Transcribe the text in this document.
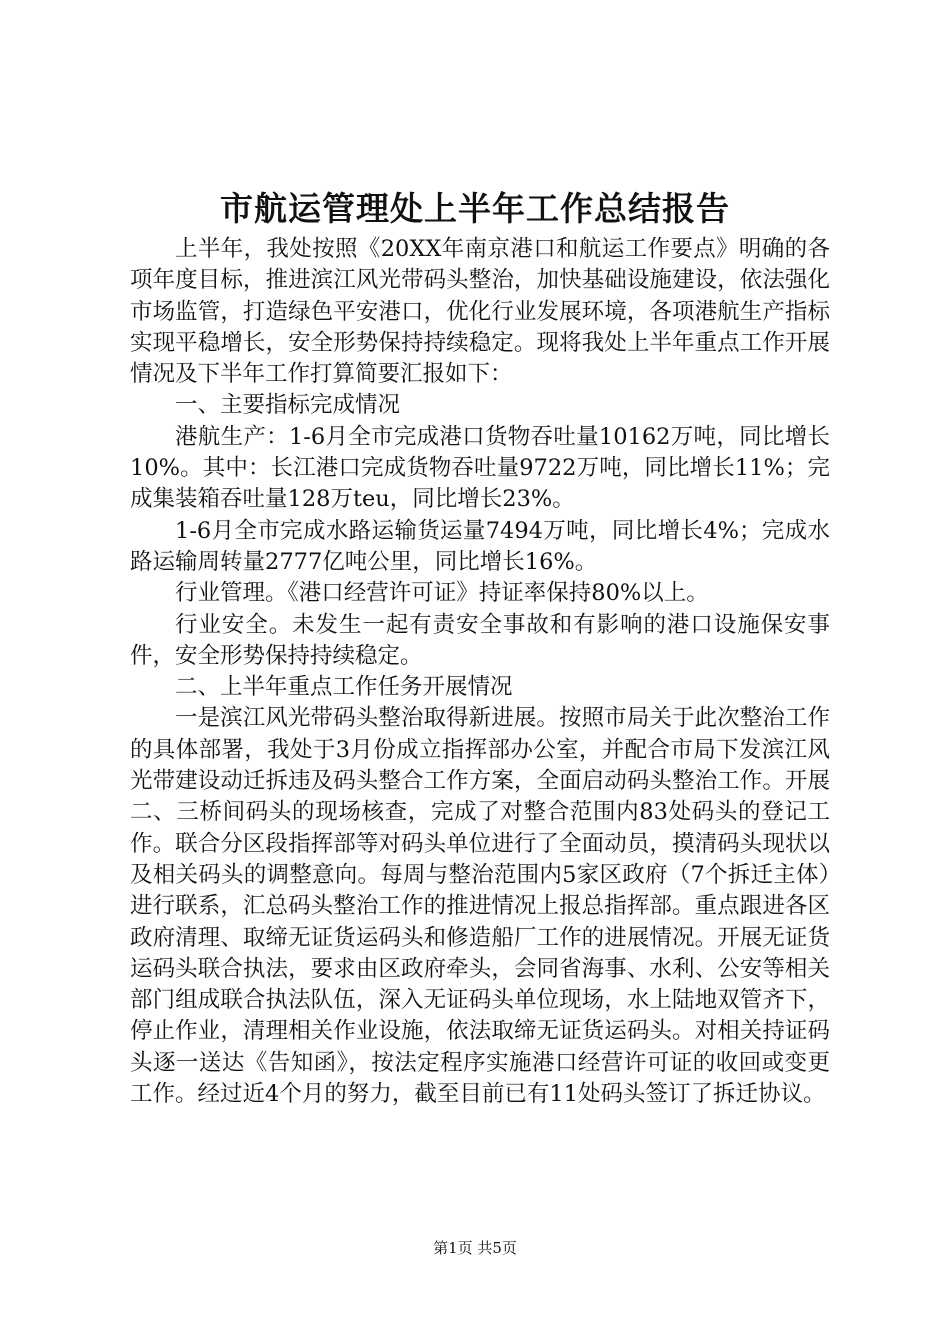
市航运管理处上半年工作总结报告

上半年，我处按照《20XX年南京港口和航运工作要点》明确的各项年度目标，推进滨江风光带码头整治，加快基础设施建设，依法强化市场监管，打造绿色平安港口，优化行业发展环境，各项港航生产指标实现平稳增长，安全形势保持持续稳定。现将我处上半年重点工作开展情况及下半年工作打算简要汇报如下：

一、主要指标完成情况

港航生产：1-6月全市完成港口货物吞吐量10162万吨，同比增长10%。其中：长江港口完成货物吞吐量9722万吨，同比增长11%；完成集装箱吞吐量128万teu，同比增长23%。

1-6月全市完成水路运输货运量7494万吨，同比增长4%；完成水路运输周转量2777亿吨公里，同比增长16%。

行业管理。《港口经营许可证》持证率保持80%以上。

行业安全。未发生一起有责安全事故和有影响的港口设施保安事件，安全形势保持持续稳定。

二、上半年重点工作任务开展情况

一是滨江风光带码头整治取得新进展。按照市局关于此次整治工作的具体部署，我处于3月份成立指挥部办公室，并配合市局下发滨江风光带建设动迁拆违及码头整合工作方案，全面启动码头整治工作。开展二、三桥间码头的现场核查，完成了对整合范围内83处码头的登记工作。联合分区段指挥部等对码头单位进行了全面动员，摸清码头现状以及相关码头的调整意向。每周与整治范围内5家区政府（7个拆迁主体）进行联系，汇总码头整治工作的推进情况上报总指挥部。重点跟进各区政府清理、取缔无证货运码头和修造船厂工作的进展情况。开展无证货运码头联合执法，要求由区政府牵头，会同省海事、水利、公安等相关部门组成联合执法队伍，深入无证码头单位现场，水上陆地双管齐下，停止作业，清理相关作业设施，依法取缔无证货运码头。对相关持证码头逐一送达《告知函》，按法定程序实施港口经营许可证的收回或变更工作。经过近4个月的努力，截至目前已有11处码头签订了拆迁协议。

第1页 共5页
